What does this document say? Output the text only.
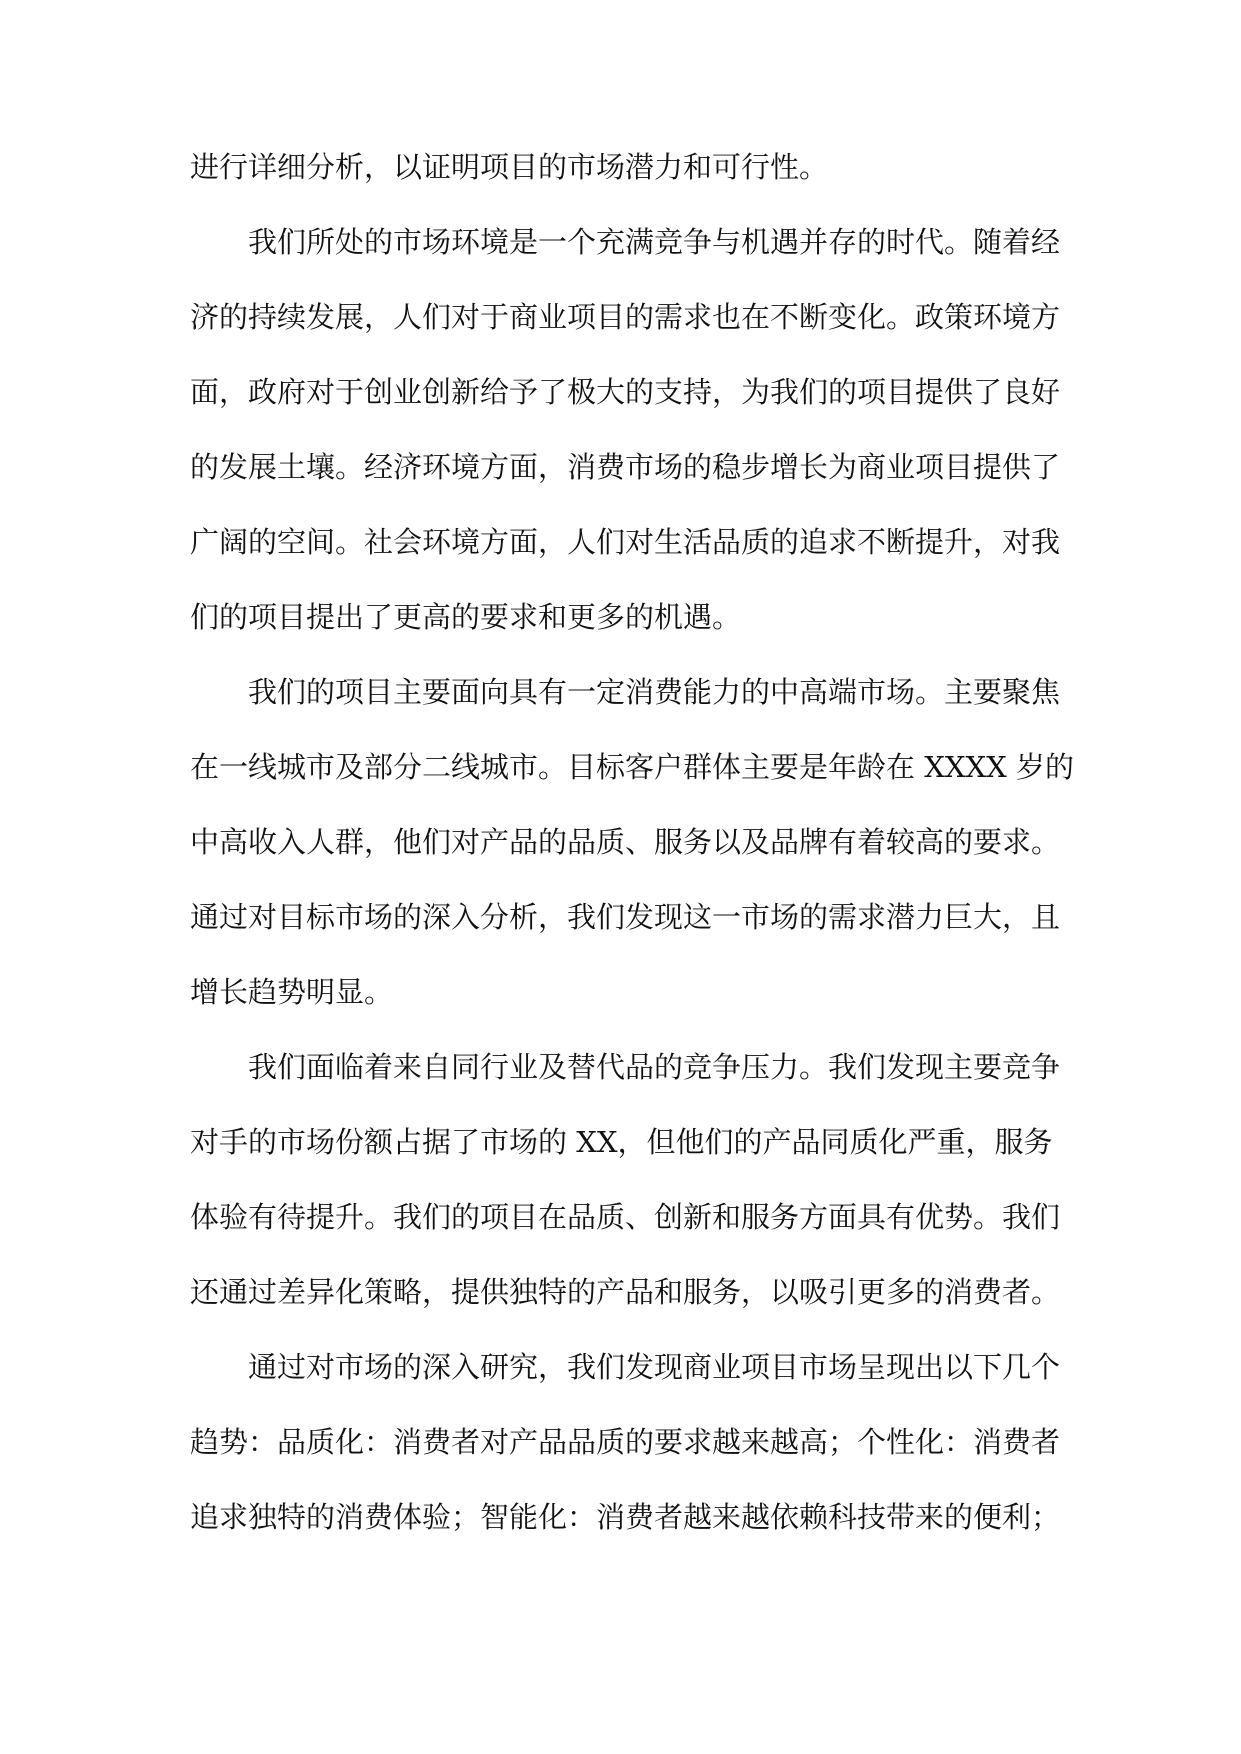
进行详细分析，以证明项目的市场潜力和可行性。
我们所处的市场环境是一个充满竞争与机遇并存的时代。随着经
济的持续发展，人们对于商业项目的需求也在不断变化。政策环境方
面，政府对于创业创新给予了极大的支持，为我们的项目提供了良好
的发展土壤。经济环境方面，消费市场的稳步增长为商业项目提供了
广阔的空间。社会环境方面，人们对生活品质的追求不断提升，对我
们的项目提出了更高的要求和更多的机遇。
我们的项目主要面向具有一定消费能力的中高端市场。主要聚焦
在一线城市及部分二线城市。目标客户群体主要是年龄在 XXXX 岁的
中高收入人群，他们对产品的品质、服务以及品牌有着较高的要求。
通过对目标市场的深入分析，我们发现这一市场的需求潜力巨大，且
增长趋势明显。
我们面临着来自同行业及替代品的竞争压力。我们发现主要竞争
对手的市场份额占据了市场的 XX，但他们的产品同质化严重，服务
体验有待提升。我们的项目在品质、创新和服务方面具有优势。我们
还通过差异化策略，提供独特的产品和服务，以吸引更多的消费者。
通过对市场的深入研究，我们发现商业项目市场呈现出以下几个
趋势：品质化：消费者对产品品质的要求越来越高；个性化：消费者
追求独特的消费体验；智能化：消费者越来越依赖科技带来的便利；
